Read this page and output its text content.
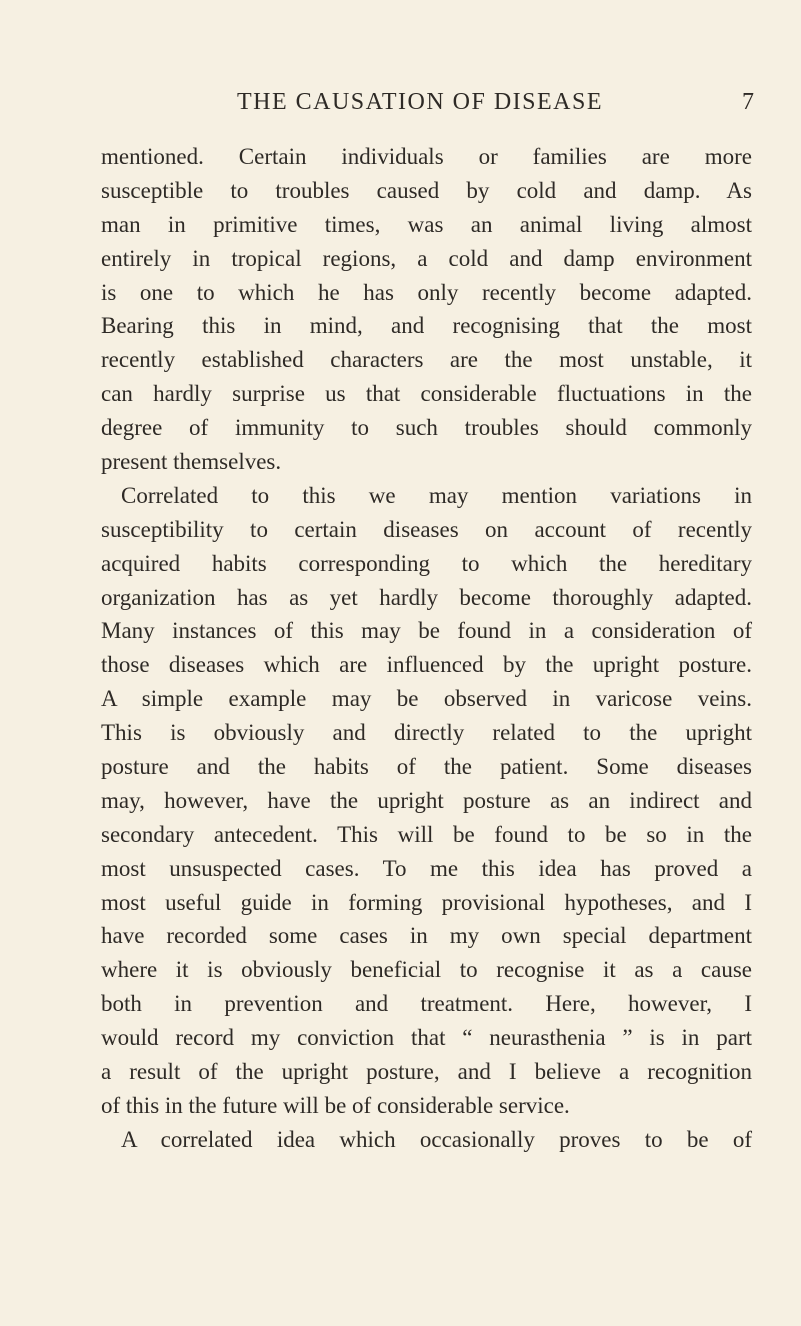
THE CAUSATION OF DISEASE	7
mentioned. Certain individuals or families are more
susceptible to troubles caused by cold and damp. As
man in primitive times, was an animal living almost
entirely in tropical regions, a cold and damp environment
is one to which he has only recently become adapted.
Bearing this in mind, and recognising that the most
recently established characters are the most unstable, it
can hardly surprise us that considerable fluctuations in the
degree of immunity to such troubles should commonly
present themselves.
Correlated to this we may mention variations in
susceptibility to certain diseases on account of recently
acquired habits corresponding to which the hereditary
organization has as yet hardly become thoroughly adapted.
Many instances of this may be found in a consideration of
those diseases which are influenced by the upright posture.
A simple example may be observed in varicose veins.
This is obviously and directly related to the upright
posture and the habits of the patient. Some diseases
may, however, have the upright posture as an indirect and
secondary antecedent. This will be found to be so in the
most unsuspected cases. To me this idea has proved a
most useful guide in forming provisional hypotheses, and I
have recorded some cases in my own special department
where it is obviously beneficial to recognise it as a cause
both in prevention and treatment. Here, however, I
would record my conviction that “ neurasthenia ” is in part
a result of the upright posture, and I believe a recognition
of this in the future will be of considerable service.
A correlated idea which occasionally proves to be of
